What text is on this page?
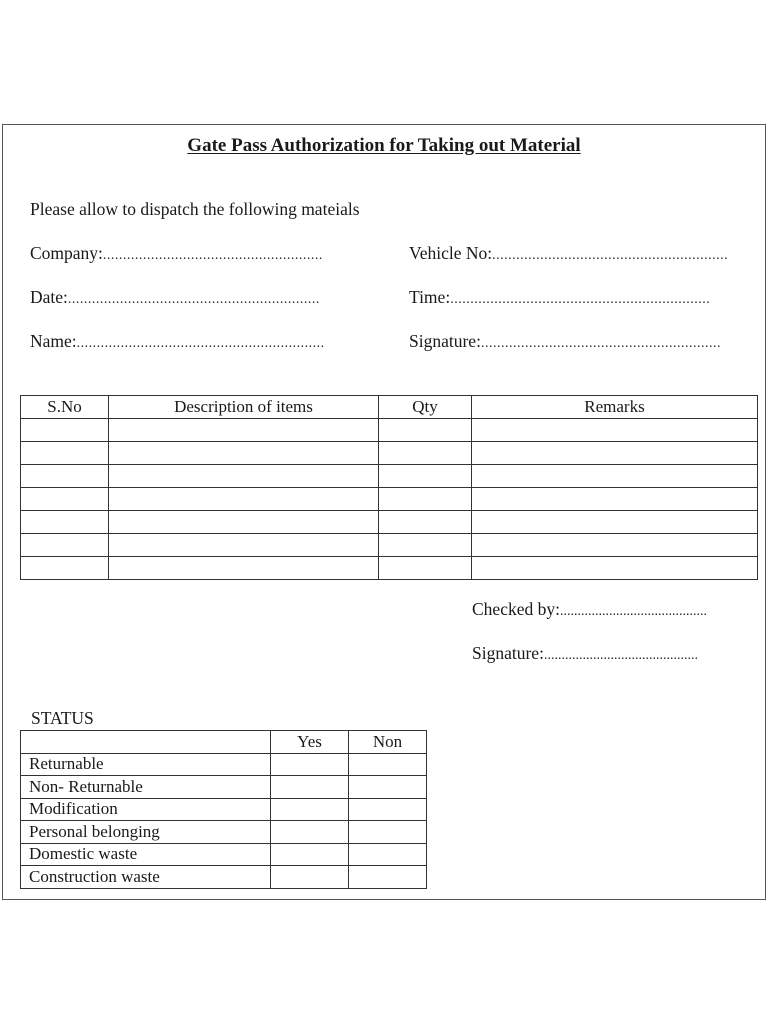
Gate Pass Authorization for Taking out Material
Please allow to dispatch the following mateials
Company:.......................................................	Vehicle No:...........................................................
Date:...............................................................	Time:.................................................................
Name:..............................................................	Signature:............................................................
S.No	Description of items	Qty	Remarks

Checked by:..........................................
Signature:............................................
STATUS
	Yes	Non
Returnable		
Non- Returnable		
Modification		
Personal belonging		
Domestic waste		
Construction waste		
